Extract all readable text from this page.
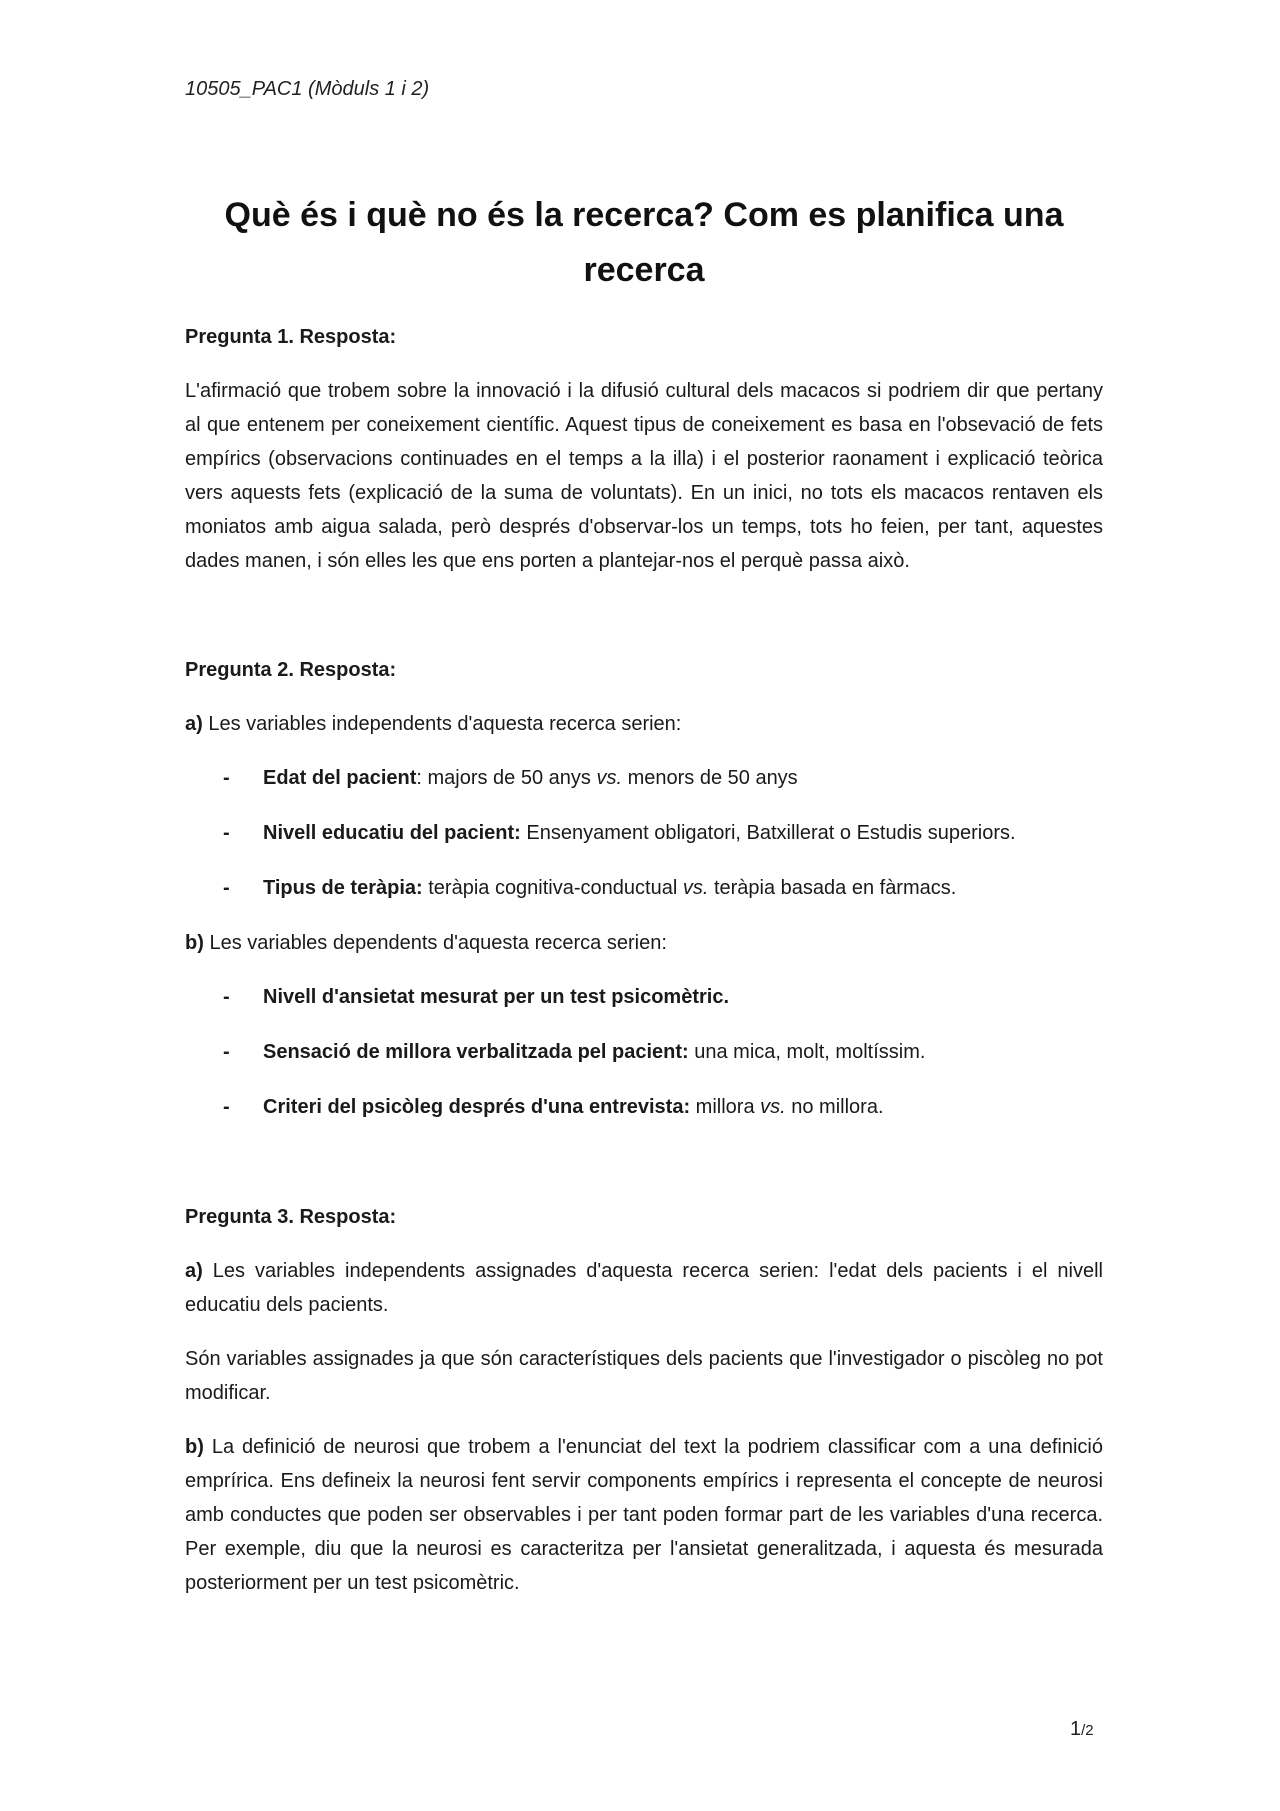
10505_PAC1 (Mòduls 1 i 2)
Què és i què no és la recerca? Com es planifica una recerca
Pregunta 1. Resposta:

L'afirmació que trobem sobre la innovació i la difusió cultural dels macacos si podriem dir que pertany al que entenem per coneixement científic. Aquest tipus de coneixement es basa en l'obsevació de fets empírics (observacions continuades en el temps a la illa) i el posterior raonament i explicació teòrica vers aquests fets (explicació de la suma de voluntats). En un inici, no tots els macacos rentaven els moniatos amb aigua salada, però després d'observar-los un temps, tots ho feien, per tant, aquestes dades manen, i són elles les que ens porten a plantejar-nos el perquè passa això.

Pregunta 2. Resposta:

a) Les variables independents d'aquesta recerca serien:

- Edat del pacient: majors de 50 anys vs. menors de 50 anys
- Nivell educatiu del pacient: Ensenyament obligatori, Batxillerat o Estudis superiors.
- Tipus de teràpia: teràpia cognitiva-conductual vs. teràpia basada en fàrmacs.

b) Les variables dependents d'aquesta recerca serien:

- Nivell d'ansietat mesurat per un test psicomètric.
- Sensació de millora verbalitzada pel pacient: una mica, molt, moltíssim.
- Criteri del psicòleg després d'una entrevista: millora vs. no millora.
Pregunta 3. Resposta:

a) Les variables independents assignades d'aquesta recerca serien: l'edat dels pacients i el nivell educatiu dels pacients.

Són variables assignades ja que són característiques dels pacients que l'investigador o piscòleg no pot modificar.

b) La definició de neurosi que trobem a l'enunciat del text la podriem classificar com a una definició emprírica. Ens defineix la neurosi fent servir components empírics i representa el concepte de neurosi amb conductes que poden ser observables i per tant poden formar part de les variables d'una recerca. Per exemple, diu que la neurosi es caracteritza per l'ansietat generalitzada, i aquesta és mesurada posteriorment per un test psicomètric.

1/2
